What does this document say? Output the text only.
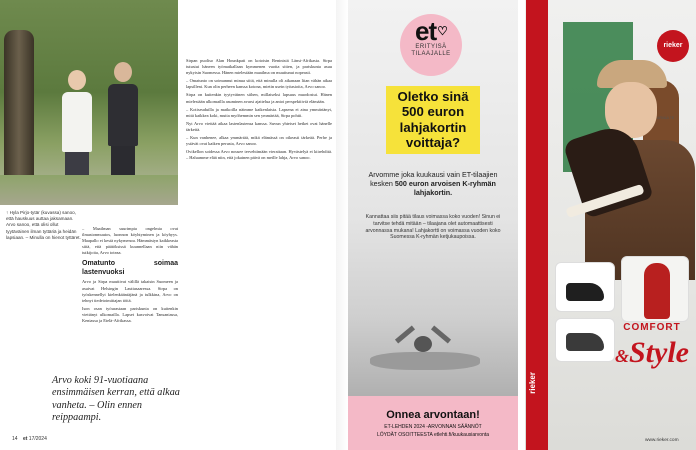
↑ Hyla Pirjo-tytär (kuvassa) sanoo, että hauskuus auttaa jaksamaan. Arvo sanoo, että olisi ollut tyytäväinen ilman tyttäriä ja heidän lapsiaan. – Minulla on hienot tyttäret.

– Maailman suurimpia ongelmia ovat ilmastonmuutos, luonnon köyhtyminen ja köyhyys. Maapallo ei kestä nykymenoa. Hämmästyn kaikkeasta siitä, että päätöksissä kuunnellaan niin vähän tutkijoita, Arvo toteaa.

Omatunto soimaa lastenvuoksi

Arvo ja Sirpa muuttivat välillä takaisin Suomeen ja asuivat Helsingin Lauttasaaressa. Sirpa on työskennellyt kielenkääntäjänä ja tulkkina, Arvo on tehnyt tiedetoimittajan töitä.

Ison osan työurastaan pariskunta on kuitenkin viettänyt ulkomailla. Lapset kasvoivat Tansaniassa, Keniassa ja Etelä-Afrikassa.

Sirpan puoliso Alan Hounkpati on kotoisin Beninistä Länsi-Afrikasta. Sirpa tutustui häneen työmatkallaan kymmenen vuotta sitten, ja pariskunta asuu nykyisin Suomessa. Hänen mielestään maailma on muuttunut nopeasti.

– Omatunto on soimannut minua siitä, että minulla oli aikanaan liian vähän aikaa lapsilleni. Kun olin perheen kanssa kotona, mietin usein työasioita, Arvo sanoo.

Sirpa on kuitenkin tyytyväinen siihen, millaiseksi lapsuus muodostui. Hänen mielestään ulkomailla asuminen avarsi ajattelua ja antoi perspektiiviä elämään.

– Kotiseuduilla ja matkoilla näimme kaikenlaista. Lapsena ei aina ymmärtänyt, mitä kaikkea koki, mutta myöhemmin sen ymmärtää, Sirpa pohtii.

Nyt Arvo viettää aikaa lastenlastensa kanssa. Suvun yhteiset hetket ovat hänelle tärkeitä.

– Kun vanhenee, alkaa ymmärtää, mikä elämässä on oikeasti tärkeää. Perhe ja ystävät ovat kaiken perusta, Arvo sanoo.

Ovikellon soidessa Arvo nousee tervehtimään vieraitaan. Hyvästelyä ei kiirehditä. – Haluamme elää niin, että jokainen päivä on meille lahja, Arvo sanoo.

Arvo koki 91-vuotiaana ensimmäisen kerran, että alkaa vanheta. – Olin ennen reippaampi.
14 et 17/2024
et♡
ERITYISÄ
TILAAJALLE
Oletko sinä 500 euron lahjakortin voittaja?
Arvomme joka kuukausi vain ET-tilaajien kesken 500 euron arvoisen K-ryhmän lahjakortin.
Kannattaa siis pitää tilaus voimassa koko vuoden! Sinun ei tarvitse tehdä mitään – tilaajana olet automaattisesti arvonnassa mukana! Lahjakortti on voimassa vuoden koko Suomessa K-ryhmän ketjukaupoissa.
Onnea arvontaan!
ET-LEHDEN 2024 -ARVONNAN SÄÄNNÖT
LÖYDÄT OSOITTEESTA etlehti.fi/kuukausiarvonta
rieker
rieker
ARVAA TE
COMFORT
&Style
www.rieker.com
